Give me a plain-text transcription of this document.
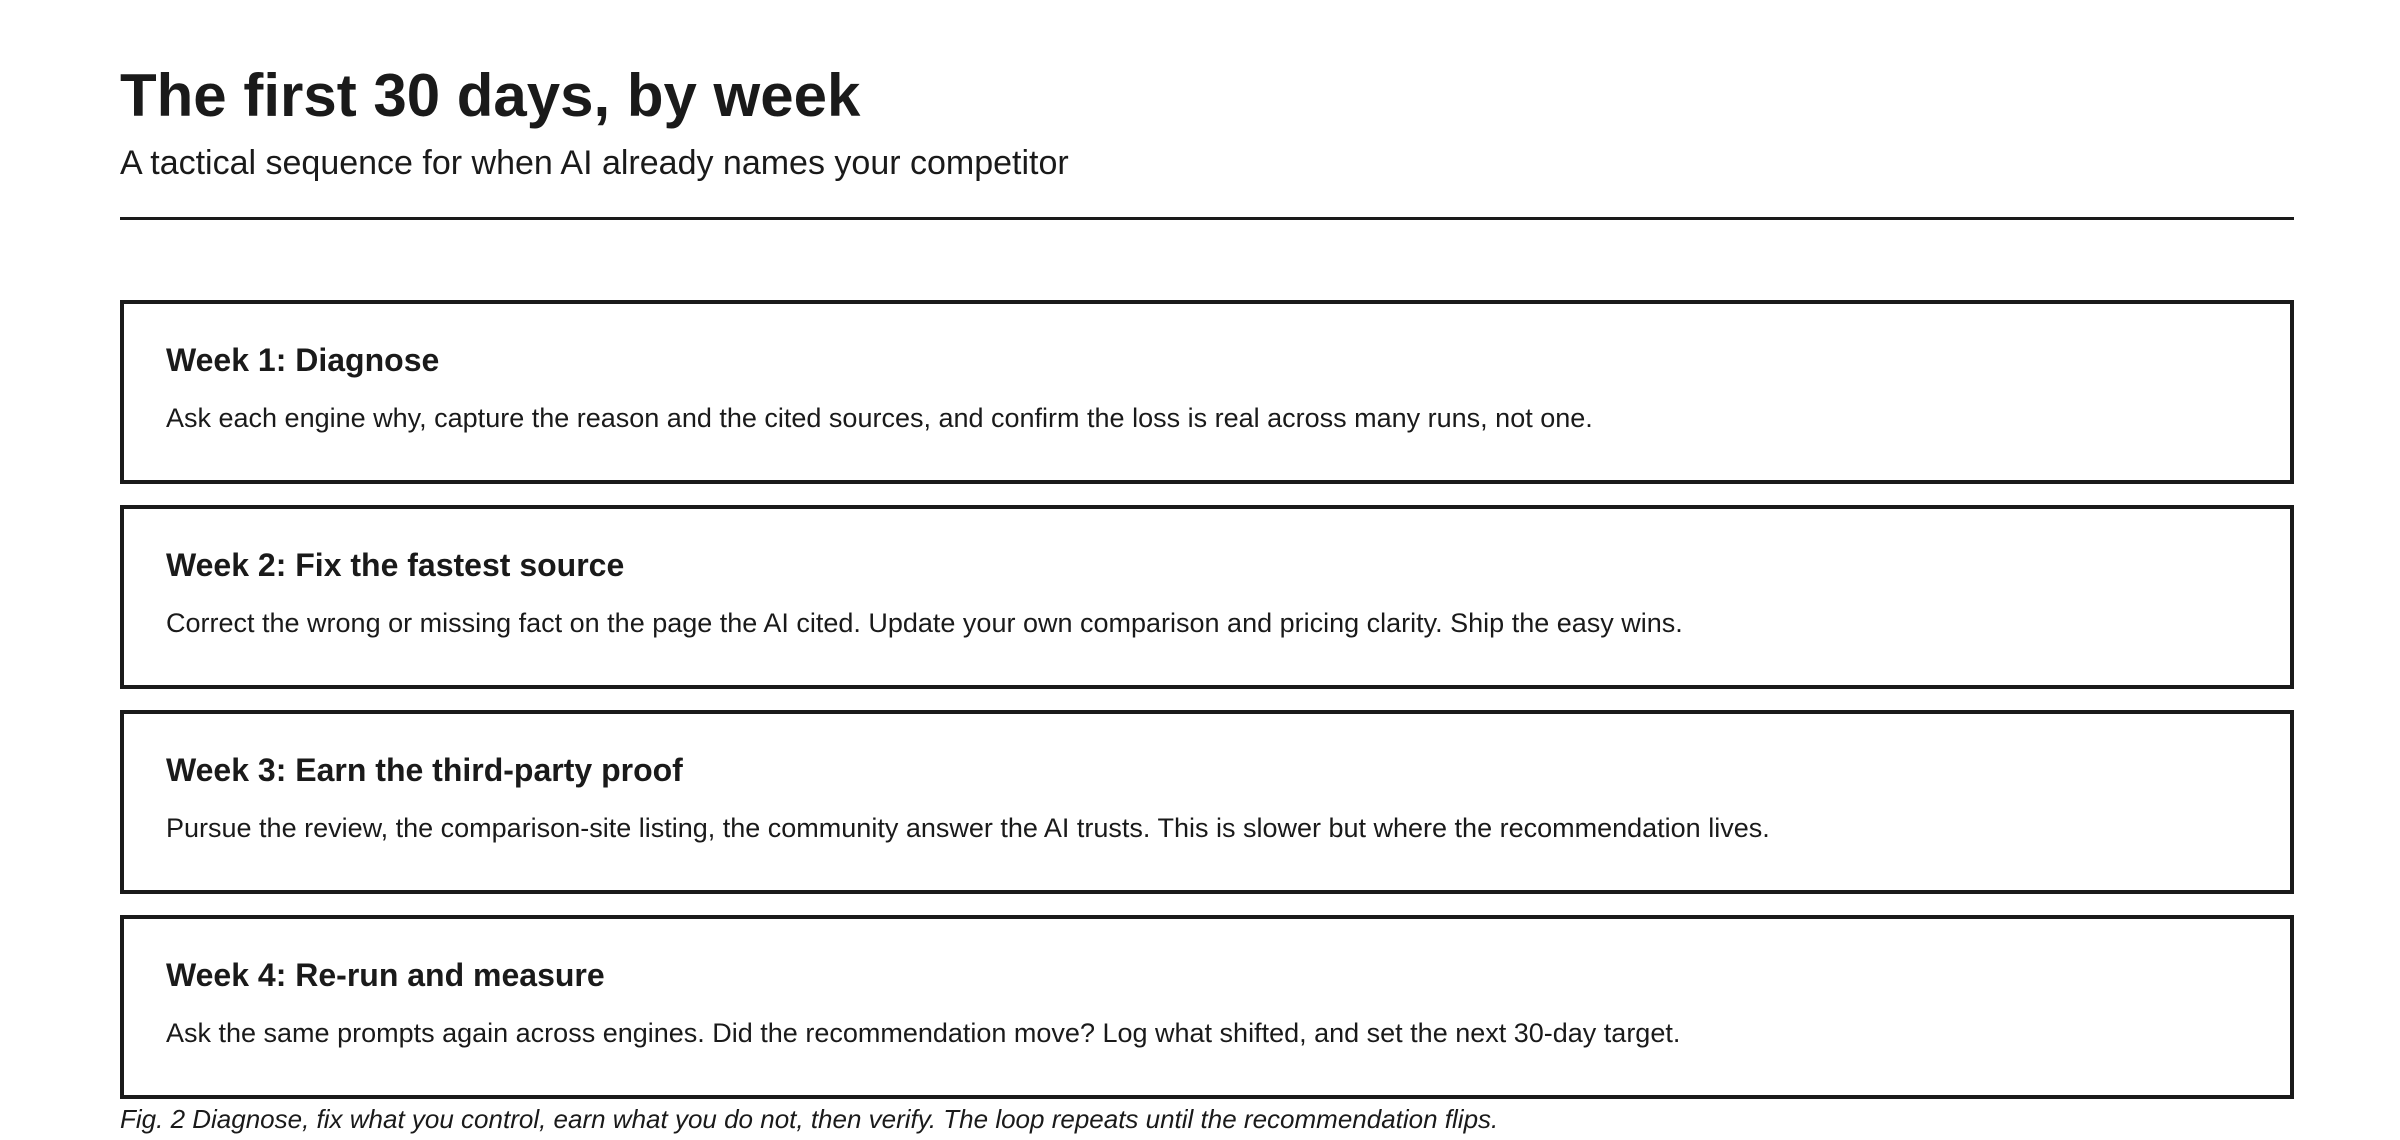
The first 30 days, by week

A tactical sequence for when AI already names your competitor

Week 1: Diagnose

Ask each engine why, capture the reason and the cited sources, and confirm the loss is real across many runs, not one.

Week 2: Fix the fastest source

Correct the wrong or missing fact on the page the AI cited. Update your own comparison and pricing clarity. Ship the easy wins.

Week 3: Earn the third-party proof

Pursue the review, the comparison-site listing, the community answer the AI trusts. This is slower but where the recommendation lives.

Week 4: Re-run and measure

Ask the same prompts again across engines. Did the recommendation move? Log what shifted, and set the next 30-day target.

Fig. 2 Diagnose, fix what you control, earn what you do not, then verify. The loop repeats until the recommendation flips.
